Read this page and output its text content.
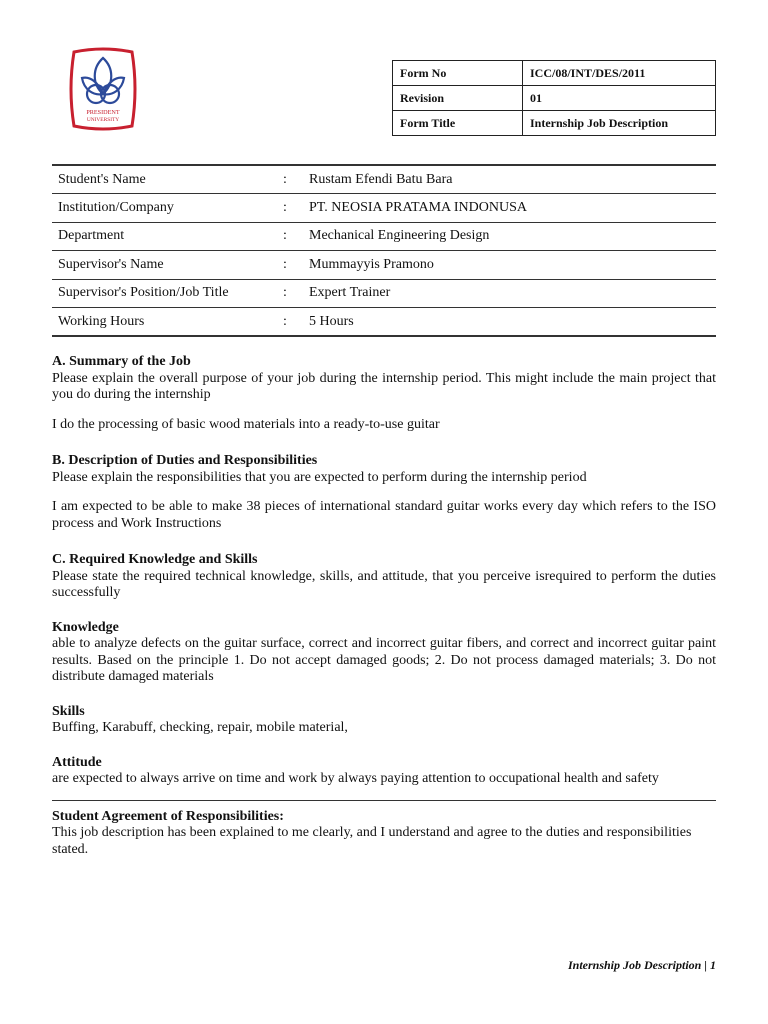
PRESIDENT
UNIVERSITY
Form No	ICC/08/INT/DES/2011
Revision	01
Form Title	Internship Job Description
Student's Name	:	Rustam Efendi Batu Bara
Institution/Company	:	PT. NEOSIA PRATAMA INDONUSA
Department	:	Mechanical Engineering Design
Supervisor's Name	:	Mummayyis Pramono
Supervisor's Position/Job Title	:	Expert Trainer
Working Hours	:	5 Hours

A. Summary of the Job

Please explain the overall purpose of your job during the internship period. This might include the main project that you do during the internship

I do the processing of basic wood materials into a ready-to-use guitar

B. Description of Duties and Responsibilities

Please explain the responsibilities that you are expected to perform during the internship period

I am expected to be able to make 38 pieces of international standard guitar works every day which refers to the ISO process and Work Instructions

C. Required Knowledge and Skills

Please state the required technical knowledge, skills, and attitude, that you perceive isrequired to perform the duties successfully

Knowledge

able to analyze defects on the guitar surface, correct and incorrect guitar fibers, and correct and incorrect guitar paint results. Based on the principle 1. Do not accept damaged goods; 2. Do not process damaged materials; 3. Do not distribute damaged materials

Skills

Buffing, Karabuff, checking, repair, mobile material,

Attitude

are expected to always arrive on time and work by always paying attention to occupational health and safety

Student Agreement of Responsibilities:

This job description has been explained to me clearly, and I understand and agree to the duties and responsibilities stated.

Internship Job Description | 1
